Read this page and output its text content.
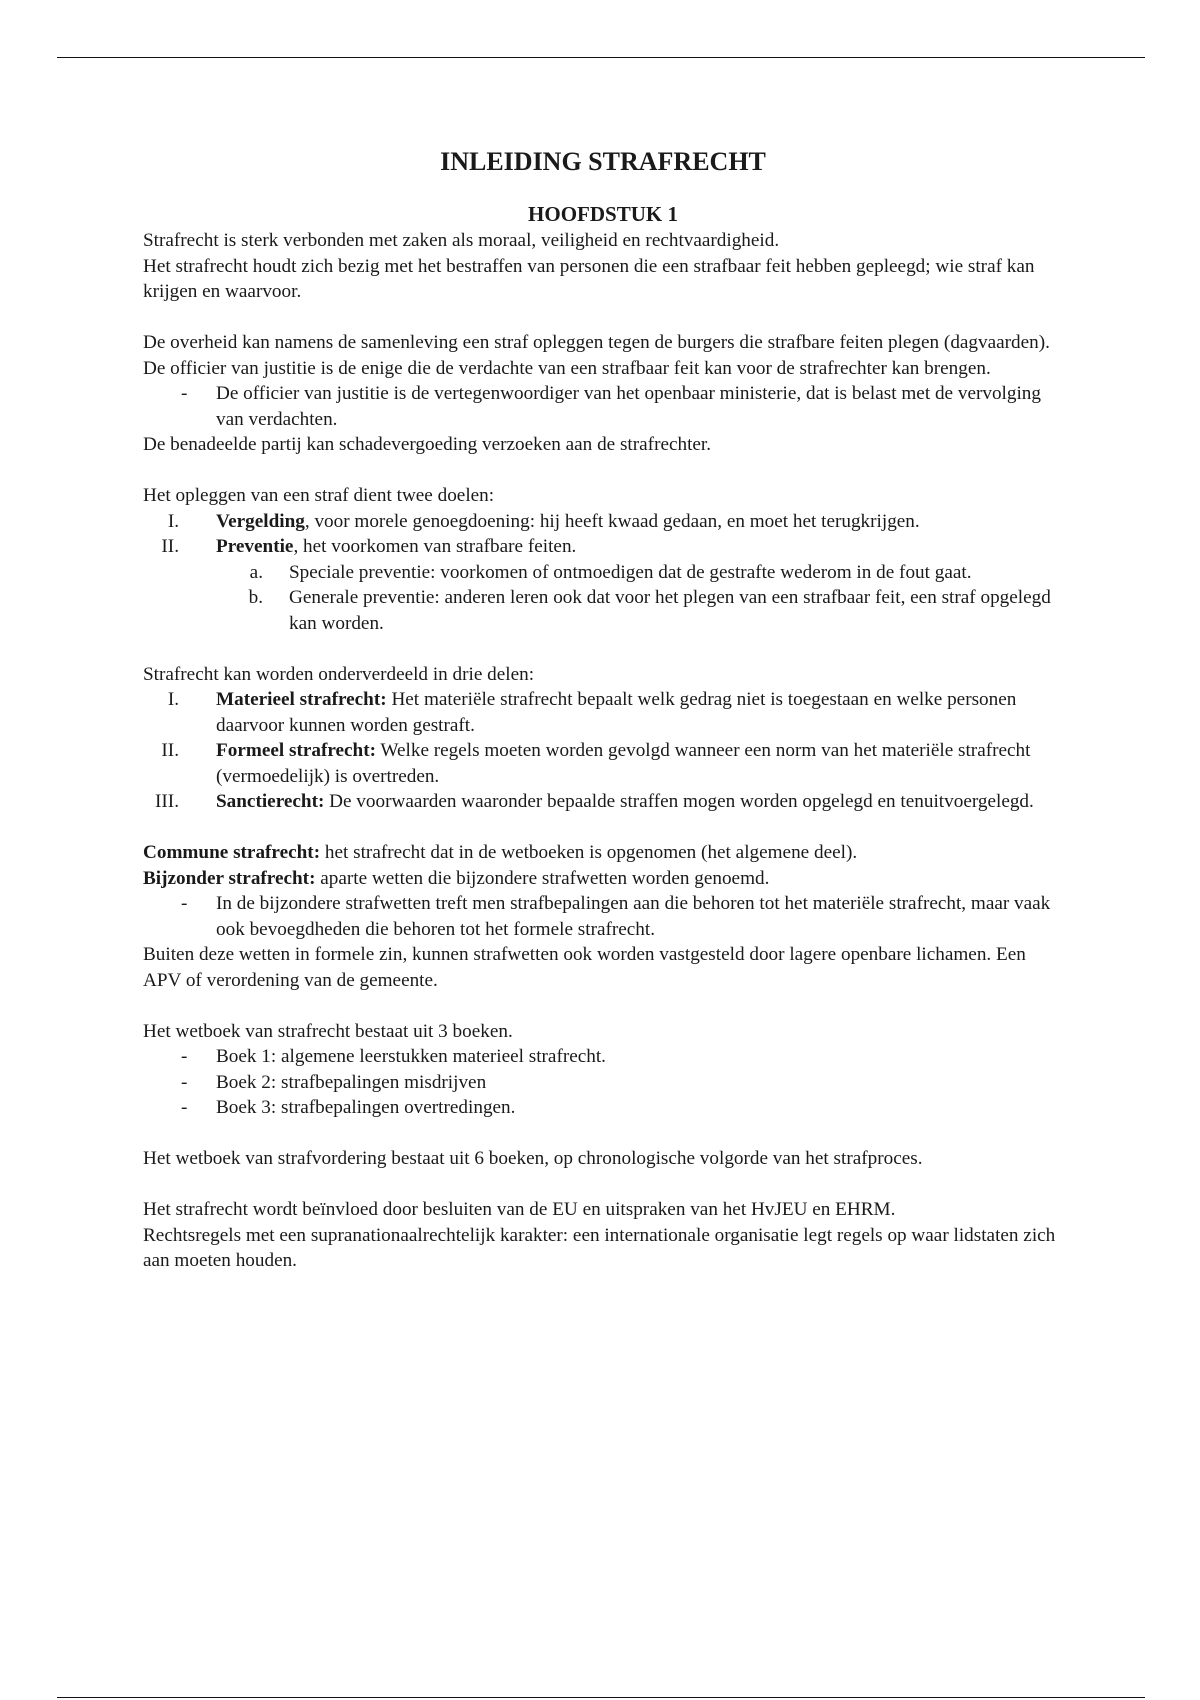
INLEIDING STRAFRECHT
HOOFDSTUK 1

Strafrecht is sterk verbonden met zaken als moraal, veiligheid en rechtvaardigheid.

Het strafrecht houdt zich bezig met het bestraffen van personen die een strafbaar feit hebben gepleegd; wie straf kan krijgen en waarvoor.

De overheid kan namens de samenleving een straf opleggen tegen de burgers die strafbare feiten plegen (dagvaarden). De officier van justitie is de enige die de verdachte van een strafbaar feit kan voor de strafrechter kan brengen.

- De officier van justitie is de vertegenwoordiger van het openbaar ministerie, dat is belast met de vervolging van verdachten.

De benadeelde partij kan schadevergoeding verzoeken aan de strafrechter.

Het opleggen van een straf dient twee doelen:

I. Vergelding, voor morele genoegdoening: hij heeft kwaad gedaan, en moet het terugkrijgen.
II. Preventie, het voorkomen van strafbare feiten.
a. Speciale preventie: voorkomen of ontmoedigen dat de gestrafte wederom in de fout gaat.
b. Generale preventie: anderen leren ook dat voor het plegen van een strafbaar feit, een straf opgelegd kan worden.

Strafrecht kan worden onderverdeeld in drie delen:

I. Materieel strafrecht: Het materiële strafrecht bepaalt welk gedrag niet is toegestaan en welke personen daarvoor kunnen worden gestraft.
II. Formeel strafrecht: Welke regels moeten worden gevolgd wanneer een norm van het materiële strafrecht (vermoedelijk) is overtreden.
III. Sanctierecht: De voorwaarden waaronder bepaalde straffen mogen worden opgelegd en tenuitvoergelegd.

Commune strafrecht: het strafrecht dat in de wetboeken is opgenomen (het algemene deel).

Bijzonder strafrecht: aparte wetten die bijzondere strafwetten worden genoemd.

- In de bijzondere strafwetten treft men strafbepalingen aan die behoren tot het materiële strafrecht, maar vaak ook bevoegdheden die behoren tot het formele strafrecht.

Buiten deze wetten in formele zin, kunnen strafwetten ook worden vastgesteld door lagere openbare lichamen. Een APV of verordening van de gemeente.

Het wetboek van strafrecht bestaat uit 3 boeken.

- Boek 1: algemene leerstukken materieel strafrecht.
- Boek 2: strafbepalingen misdrijven
- Boek 3: strafbepalingen overtredingen.

Het wetboek van strafvordering bestaat uit 6 boeken, op chronologische volgorde van het strafproces.

Het strafrecht wordt beïnvloed door besluiten van de EU en uitspraken van het HvJEU en EHRM.

Rechtsregels met een supranationaalrechtelijk karakter: een internationale organisatie legt regels op waar lidstaten zich aan moeten houden.
